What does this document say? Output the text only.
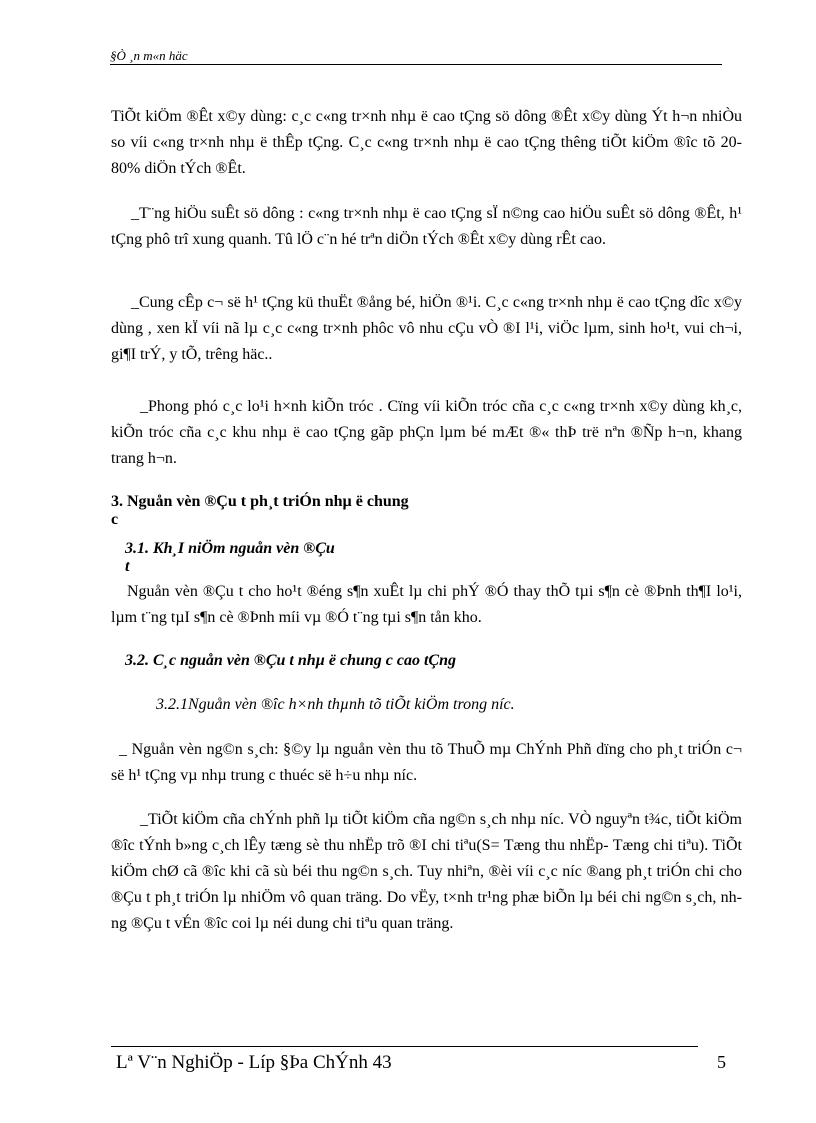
§Ò ¸n m«n häc

TiÕt kiÖm ®Êt x©y dùng: c¸c c«ng tr×nh nhµ ë cao tÇng sö dông ®Êt x©y dùng Ýt h¬n nhiÒu so víi c«ng tr×nh nhµ ë thÊp tÇng. C¸c c«ng tr×nh nhµ ë cao tÇng thêng tiÕt kiÖm ®îc tõ 20-80% diÖn tÝch ®Êt.

_T¨ng hiÖu suÊt sö dông : c«ng tr×nh nhµ ë cao tÇng sÏ n©ng cao hiÖu suÊt sö dông ®Êt, h¹ tÇng phô trî xung quanh. Tû lÖ c¨n hé trªn diÖn tÝch ®Êt x©y dùng rÊt cao.

_Cung cÊp c¬ së h¹ tÇng kü thuËt ®ång bé, hiÖn ®¹i. C¸c c«ng tr×nh nhµ ë cao tÇng dîc x©y dùng , xen kÏ víi nã lµ c¸c c«ng tr×nh phôc vô nhu cÇu vÒ ®I l¹i, viÖc lµm, sinh ho¹t, vui ch¬i, gi¶I trÝ, y tÕ, trêng häc..

_Phong phó c¸c lo¹i h×nh kiÕn tróc . Cïng víi kiÕn tróc cña c¸c c«ng tr×nh x©y dùng kh¸c, kiÕn tróc cña c¸c khu nhµ ë cao tÇng gãp phÇn lµm bé mÆt ®« thÞ trë nªn ®Ñp h¬n, khang trang h¬n.

3. Nguån vèn ®Çu t ph¸t triÓn nhµ ë chung c

3.1. Kh¸I niÖm nguån vèn ®Çu t

Nguån vèn ®Çu t cho ho¹t ®éng s¶n xuÊt lµ chi phÝ ®Ó thay thÕ tµi s¶n cè ®Þnh th¶I lo¹i, lµm t¨ng tµI s¶n cè ®Þnh míi vµ ®Ó t¨ng tµi s¶n tån kho.

3.2. C¸c nguån vèn ®Çu t nhµ ë chung c cao tÇng

3.2.1Nguån vèn ®îc h×nh thµnh tõ tiÕt kiÖm trong níc.

_ Nguån vèn ng©n s¸ch: §©y lµ nguån vèn thu tõ ThuÕ mµ ChÝnh Phñ dïng cho ph¸t triÓn c¬ së h¹ tÇng vµ nhµ trung c thuéc së h÷u nhµ níc.

_TiÕt kiÖm cña chÝnh phñ lµ tiÕt kiÖm cña ng©n s¸ch nhµ níc. VÒ nguyªn t¾c, tiÕt kiÖm ®îc tÝnh b»ng c¸ch lÊy tæng sè thu nhËp trõ ®I chi tiªu(S= Tæng thu nhËp- Tæng chi tiªu). TiÕt kiÖm chØ cã ®îc khi cã sù béi thu ng©n s¸ch. Tuy nhiªn, ®èi víi c¸c níc ®ang ph¸t triÓn chi cho ®Çu t ph¸t triÓn lµ nhiÖm vô quan träng. Do vËy, t×nh tr¹ng phæ biÕn lµ béi chi ng©n s¸ch, nhng ®Çu t vÉn ®îc coi lµ néi dung chi tiªu quan träng.

Lª V¨n NghiÖp - Líp §Þa ChÝnh 43	5
